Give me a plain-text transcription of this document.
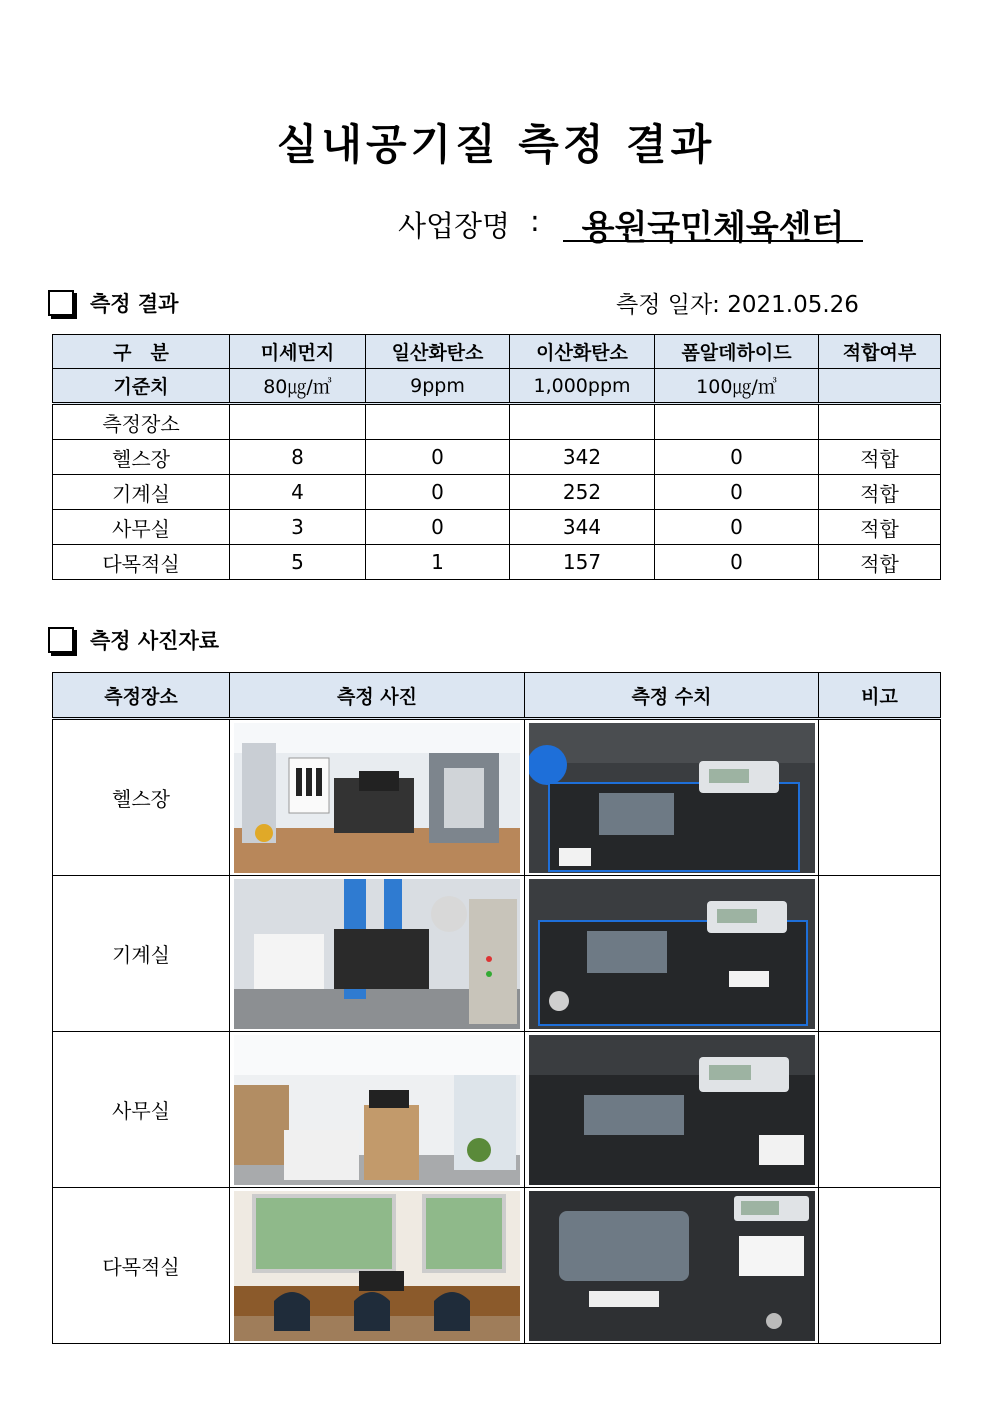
실내공기질 측정 결과
사업장명 :	용원국민체육센터
측정 결과	측정 일자: 2021.05.26
구　분	미세먼지	일산화탄소	이산화탄소	폼알데하이드	적합여부
기준치	80㎍/㎥	9ppm	1,000ppm	100㎍/㎥	
측정장소					
헬스장	8	0	342	0	적합
기계실	4	0	252	0	적합
사무실	3	0	344	0	적합
다목적실	5	1	157	0	적합
측정 사진자료
측정장소	측정 사진	측정 수치	비고
헬스장	

기계실	

사무실	

다목적실	
